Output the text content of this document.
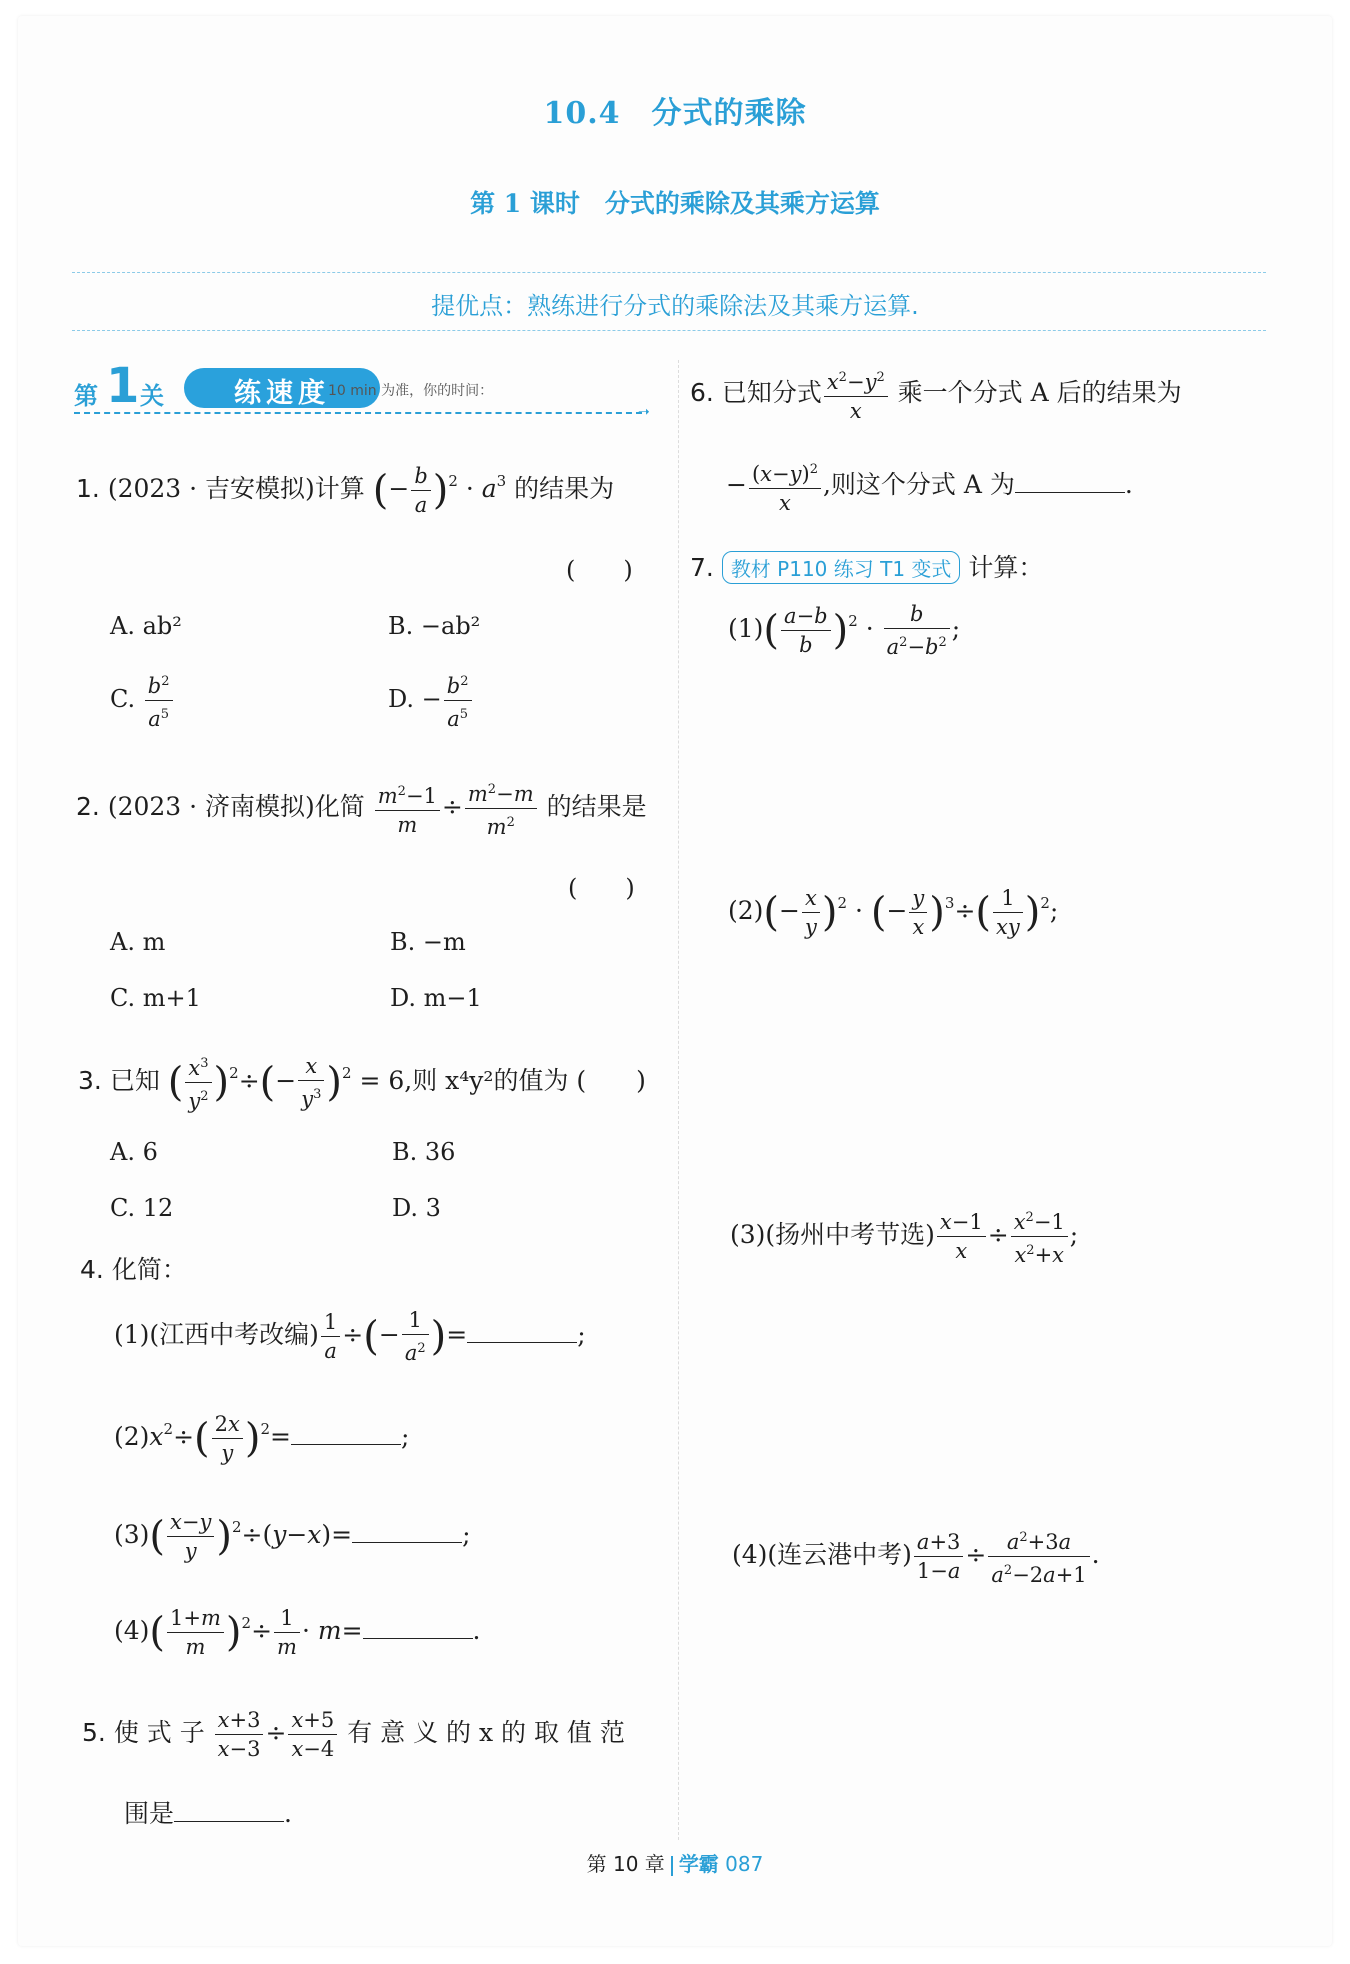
10.4　分式的乘除
第 1 课时　分式的乘除及其乘方运算
提优点：熟练进行分式的乘除法及其乘方运算.
第 1 关	练速度
10 min 为准，你的时间：
➝
1. (2023 · 吉安模拟)计算 (− $\frac{b}{a} )^2 \cdot a^3$ 的结果为
(　　)
A. ab²	B. −ab²
C. $\frac{b^2}{a^5}$	D. − $\frac{b^2}{a^5}$
2. (2023 · 济南模拟)化简 $\frac{m^2-1}{m} \div \frac{m^2-m}{m^2}$ 的结果是
(　　)
A. m	B. −m
C. m+1	D. m−1
3. 已知 ( $\frac{x^3}{y^2} )^2\div(- \frac{x}{y^3} )^2 = 6$,则 x⁴y²的值为 (　　)
A. 6	B. 36
C. 12	D. 3
4. 化简：
(1)(江西中考改编) $\frac{1}{a}$ ÷(− $\frac{1}{a^2}$ )=	;
$(2)x^2\div( \frac{2x}{y} )^2=$	;
$(3)( \frac{x-y}{y} )^2\div(y-x)=$	;
$(4)( \frac{1+m}{m} )^2\div \frac{1}{m} \cdot m=$	.
5. 使 式 子 $\frac{x+3}{x-3} \div \frac{x+5}{x-4}$ 有 意 义 的 x 的 取 值 范
围是	.
6. 已知分式 $\frac{x^2-y^2}{x}$ 乘一个分式 A 后的结果为
− $\frac{(x-y)^2}{x}$ ,则这个分式 A 为	.
7. 教材 P110 练习 T1 变式 计算：
$(1)( \frac{a-b}{b} )^2 \cdot \frac{b}{a^2-b^2}$ ;
$(2)(- \frac{x}{y} )^2$ · (− $\frac{y}{x} )^3\div( \frac{1}{xy} )^2$;
(3)(扬州中考节选) $\frac{x-1}{x} \div \frac{x^2-1}{x^2+x}$ ;
(4)(连云港中考) $\frac{a+3}{1-a} \div \frac{a^2+3a}{a^2-2a+1}$ .
第 10 章 学霸 087
